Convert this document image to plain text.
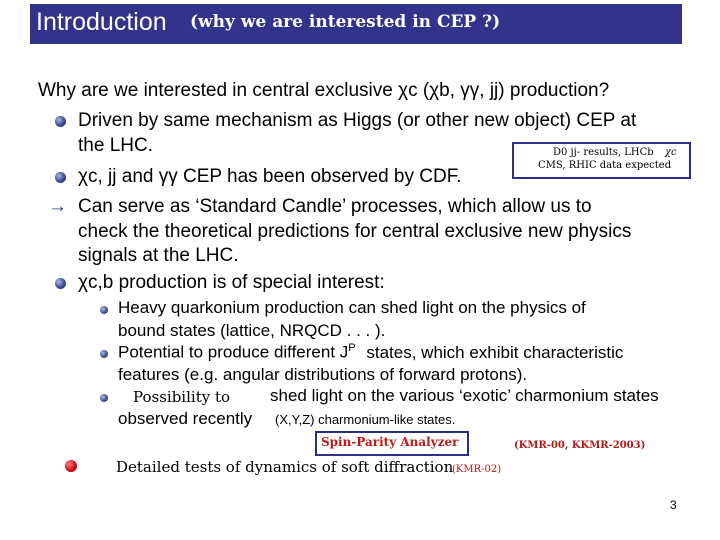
Introduction (why we are interested in CEP ?)
Why are we interested in central exclusive χc (χb, γγ, jj) production?
Driven by same mechanism as Higgs (or other new object) CEP at
the LHC.	D0 jj- results, LHCb χc
CMS, RHIC data expected
χc, jj and γγ CEP has been observed by CDF.
→ Can serve as ‘Standard Candle’ processes, which allow us to
check the theoretical predictions for central exclusive new physics
signals at the LHC.
χc,b production is of special interest:
Heavy quarkonium production can shed light on the physics of
bound states (lattice, NRQCD . . . ).
Potential to produce different $J^P$ states, which exhibit characteristic
features (e.g. angular distributions of forward protons).
Possibility to shed light on the various ‘exotic’ charmonium states
observed recently (X,Y,Z) charmonium-like states.
Spin-Parity Analyzer	(KMR-00, KKMR-2003)
Detailed tests of dynamics of soft diffraction
(KMR-02)
3
